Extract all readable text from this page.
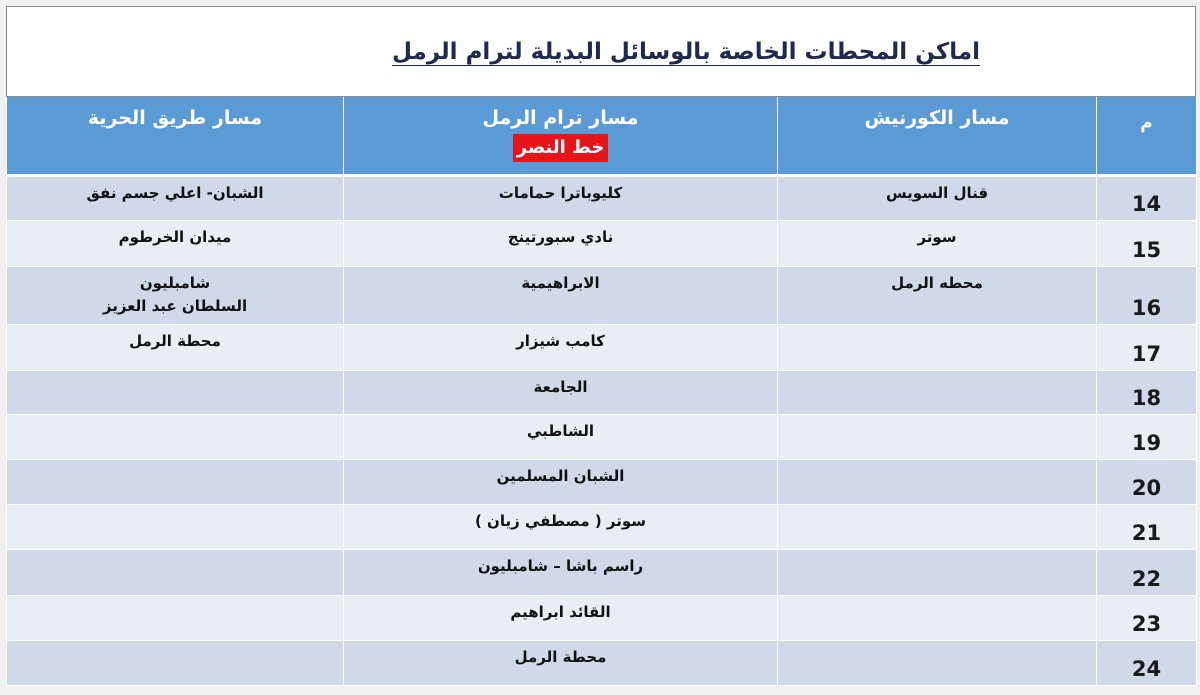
اماكن المحطات الخاصة بالوسائل البديلة لترام الرمل
م	مسار الكورنيش	مسار ترام الرمل
خط النصر	مسار طريق الحرية
14	قنال السويس	كليوباترا حمامات	الشبان- اعلي جسم نفق

15	سوتر	نادي سبورتينج	ميدان الخرطوم

16	محطه الرمل	الابراهيمية	شامبليون
السلطان عبد العزيز

17		كامب شيزار	محطة الرمل

18		الجامعة	
19		الشاطبي	
20		الشبان المسلمين	
21		سوتر ( مصطفي زيان )	
22		راسم باشا – شامبليون	
23		القائد ابراهيم	
24		محطة الرمل	
